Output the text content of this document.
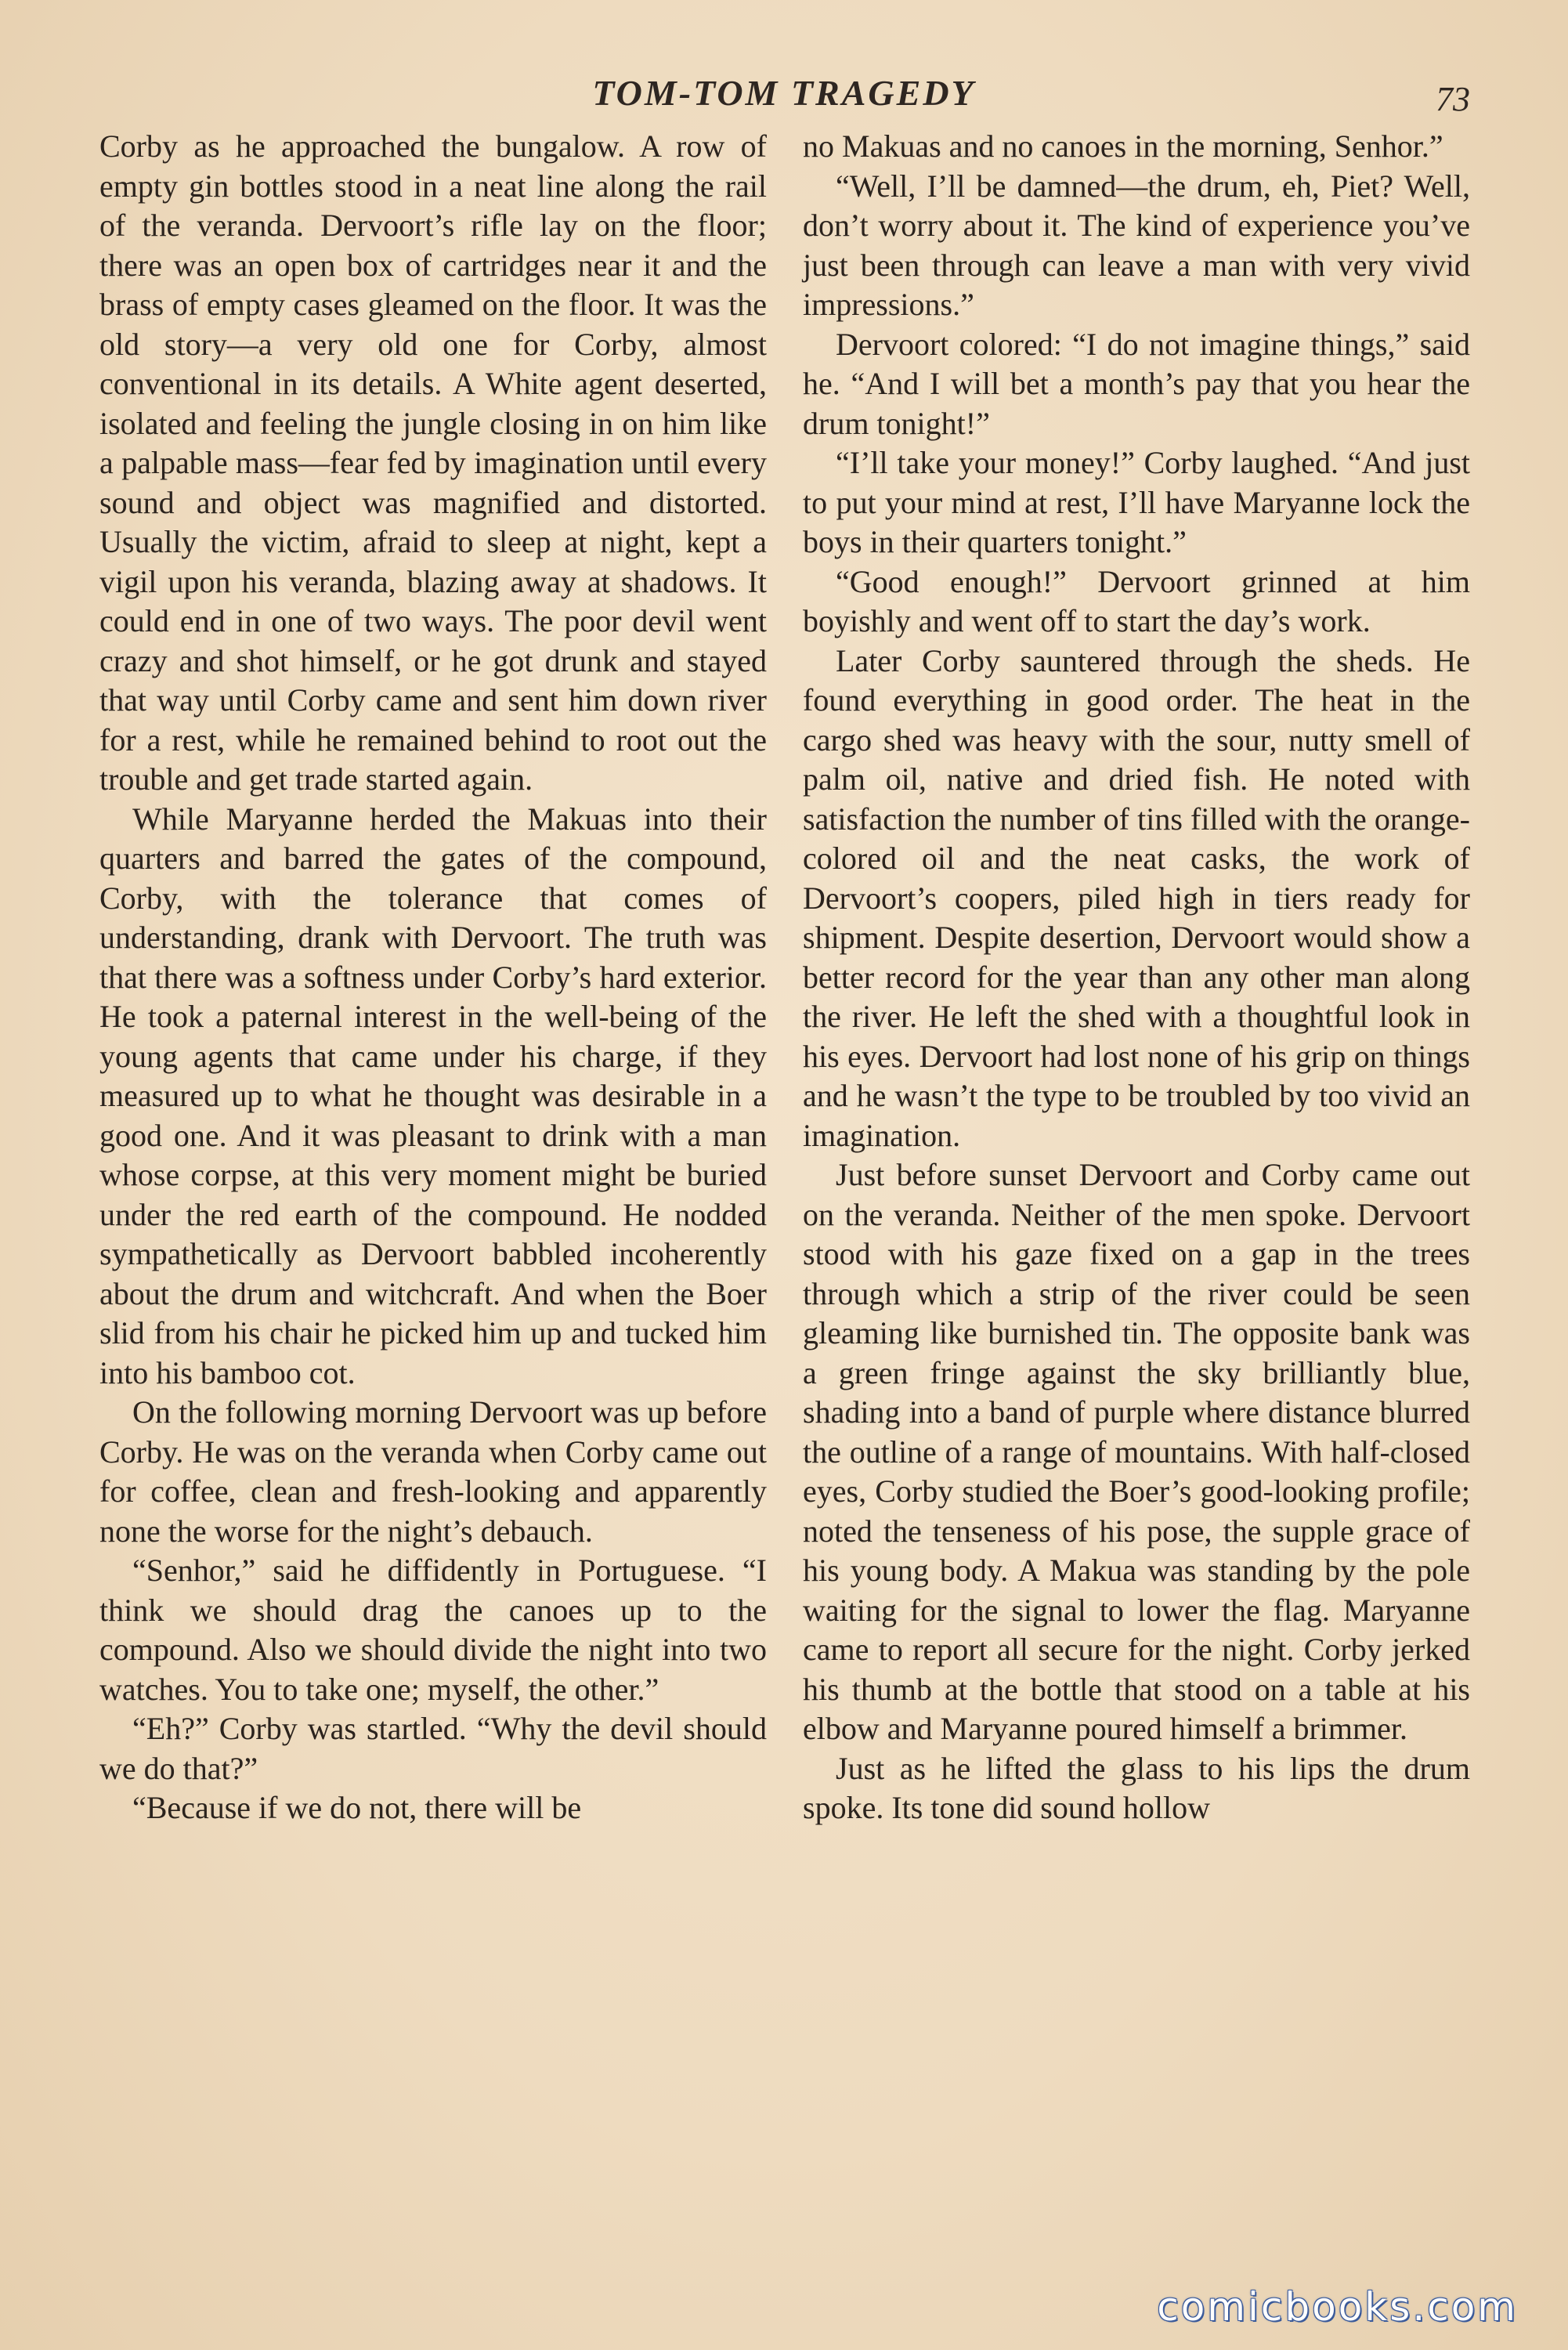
TOM-TOM TRAGEDY	73

Corby as he approached the bungalow. A row of empty gin bottles stood in a neat line along the rail of the veranda. Dervoort’s rifle lay on the floor; there was an open box of cartridges near it and the brass of empty cases gleamed on the floor. It was the old story—a very old one for Corby, almost conventional in its details. A White agent deserted, isolated and feeling the jungle closing in on him like a palpable mass—fear fed by imagination until every sound and object was magnified and distorted. Usually the victim, afraid to sleep at night, kept a vigil upon his veranda, blazing away at shadows. It could end in one of two ways. The poor devil went crazy and shot himself, or he got drunk and stayed that way until Corby came and sent him down river for a rest, while he remained behind to root out the trouble and get trade started again.

While Maryanne herded the Makuas into their quarters and barred the gates of the compound, Corby, with the tolerance that comes of understanding, drank with Dervoort. The truth was that there was a softness under Corby’s hard exterior. He took a paternal interest in the well-being of the young agents that came under his charge, if they measured up to what he thought was desirable in a good one. And it was pleasant to drink with a man whose corpse, at this very moment might be buried under the red earth of the compound. He nodded sympathetically as Dervoort babbled incoherently about the drum and witchcraft. And when the Boer slid from his chair he picked him up and tucked him into his bamboo cot.

On the following morning Dervoort was up before Corby. He was on the veranda when Corby came out for coffee, clean and fresh-looking and apparently none the worse for the night’s debauch.

“Senhor,” said he diffidently in Portuguese. “I think we should drag the canoes up to the compound. Also we should divide the night into two watches. You to take one; myself, the other.”

“Eh?” Corby was startled. “Why the devil should we do that?”

“Because if we do not, there will be

no Makuas and no canoes in the morning, Senhor.”

“Well, I’ll be damned—the drum, eh, Piet? Well, don’t worry about it. The kind of experience you’ve just been through can leave a man with very vivid impressions.”

Dervoort colored: “I do not imagine things,” said he. “And I will bet a month’s pay that you hear the drum tonight!”

“I’ll take your money!” Corby laughed. “And just to put your mind at rest, I’ll have Maryanne lock the boys in their quarters tonight.”

“Good enough!” Dervoort grinned at him boyishly and went off to start the day’s work.

Later Corby sauntered through the sheds. He found everything in good order. The heat in the cargo shed was heavy with the sour, nutty smell of palm oil, native and dried fish. He noted with satisfaction the number of tins filled with the orange-colored oil and the neat casks, the work of Dervoort’s coopers, piled high in tiers ready for shipment. Despite desertion, Dervoort would show a better record for the year than any other man along the river. He left the shed with a thoughtful look in his eyes. Dervoort had lost none of his grip on things and he wasn’t the type to be troubled by too vivid an imagination.

Just before sunset Dervoort and Corby came out on the veranda. Neither of the men spoke. Dervoort stood with his gaze fixed on a gap in the trees through which a strip of the river could be seen gleaming like burnished tin. The opposite bank was a green fringe against the sky brilliantly blue, shading into a band of purple where distance blurred the outline of a range of mountains. With half-closed eyes, Corby studied the Boer’s good-looking profile; noted the tenseness of his pose, the supple grace of his young body. A Makua was standing by the pole waiting for the signal to lower the flag. Maryanne came to report all secure for the night. Corby jerked his thumb at the bottle that stood on a table at his elbow and Maryanne poured himself a brimmer.

Just as he lifted the glass to his lips the drum spoke. Its tone did sound hollow

comicbooks.com
